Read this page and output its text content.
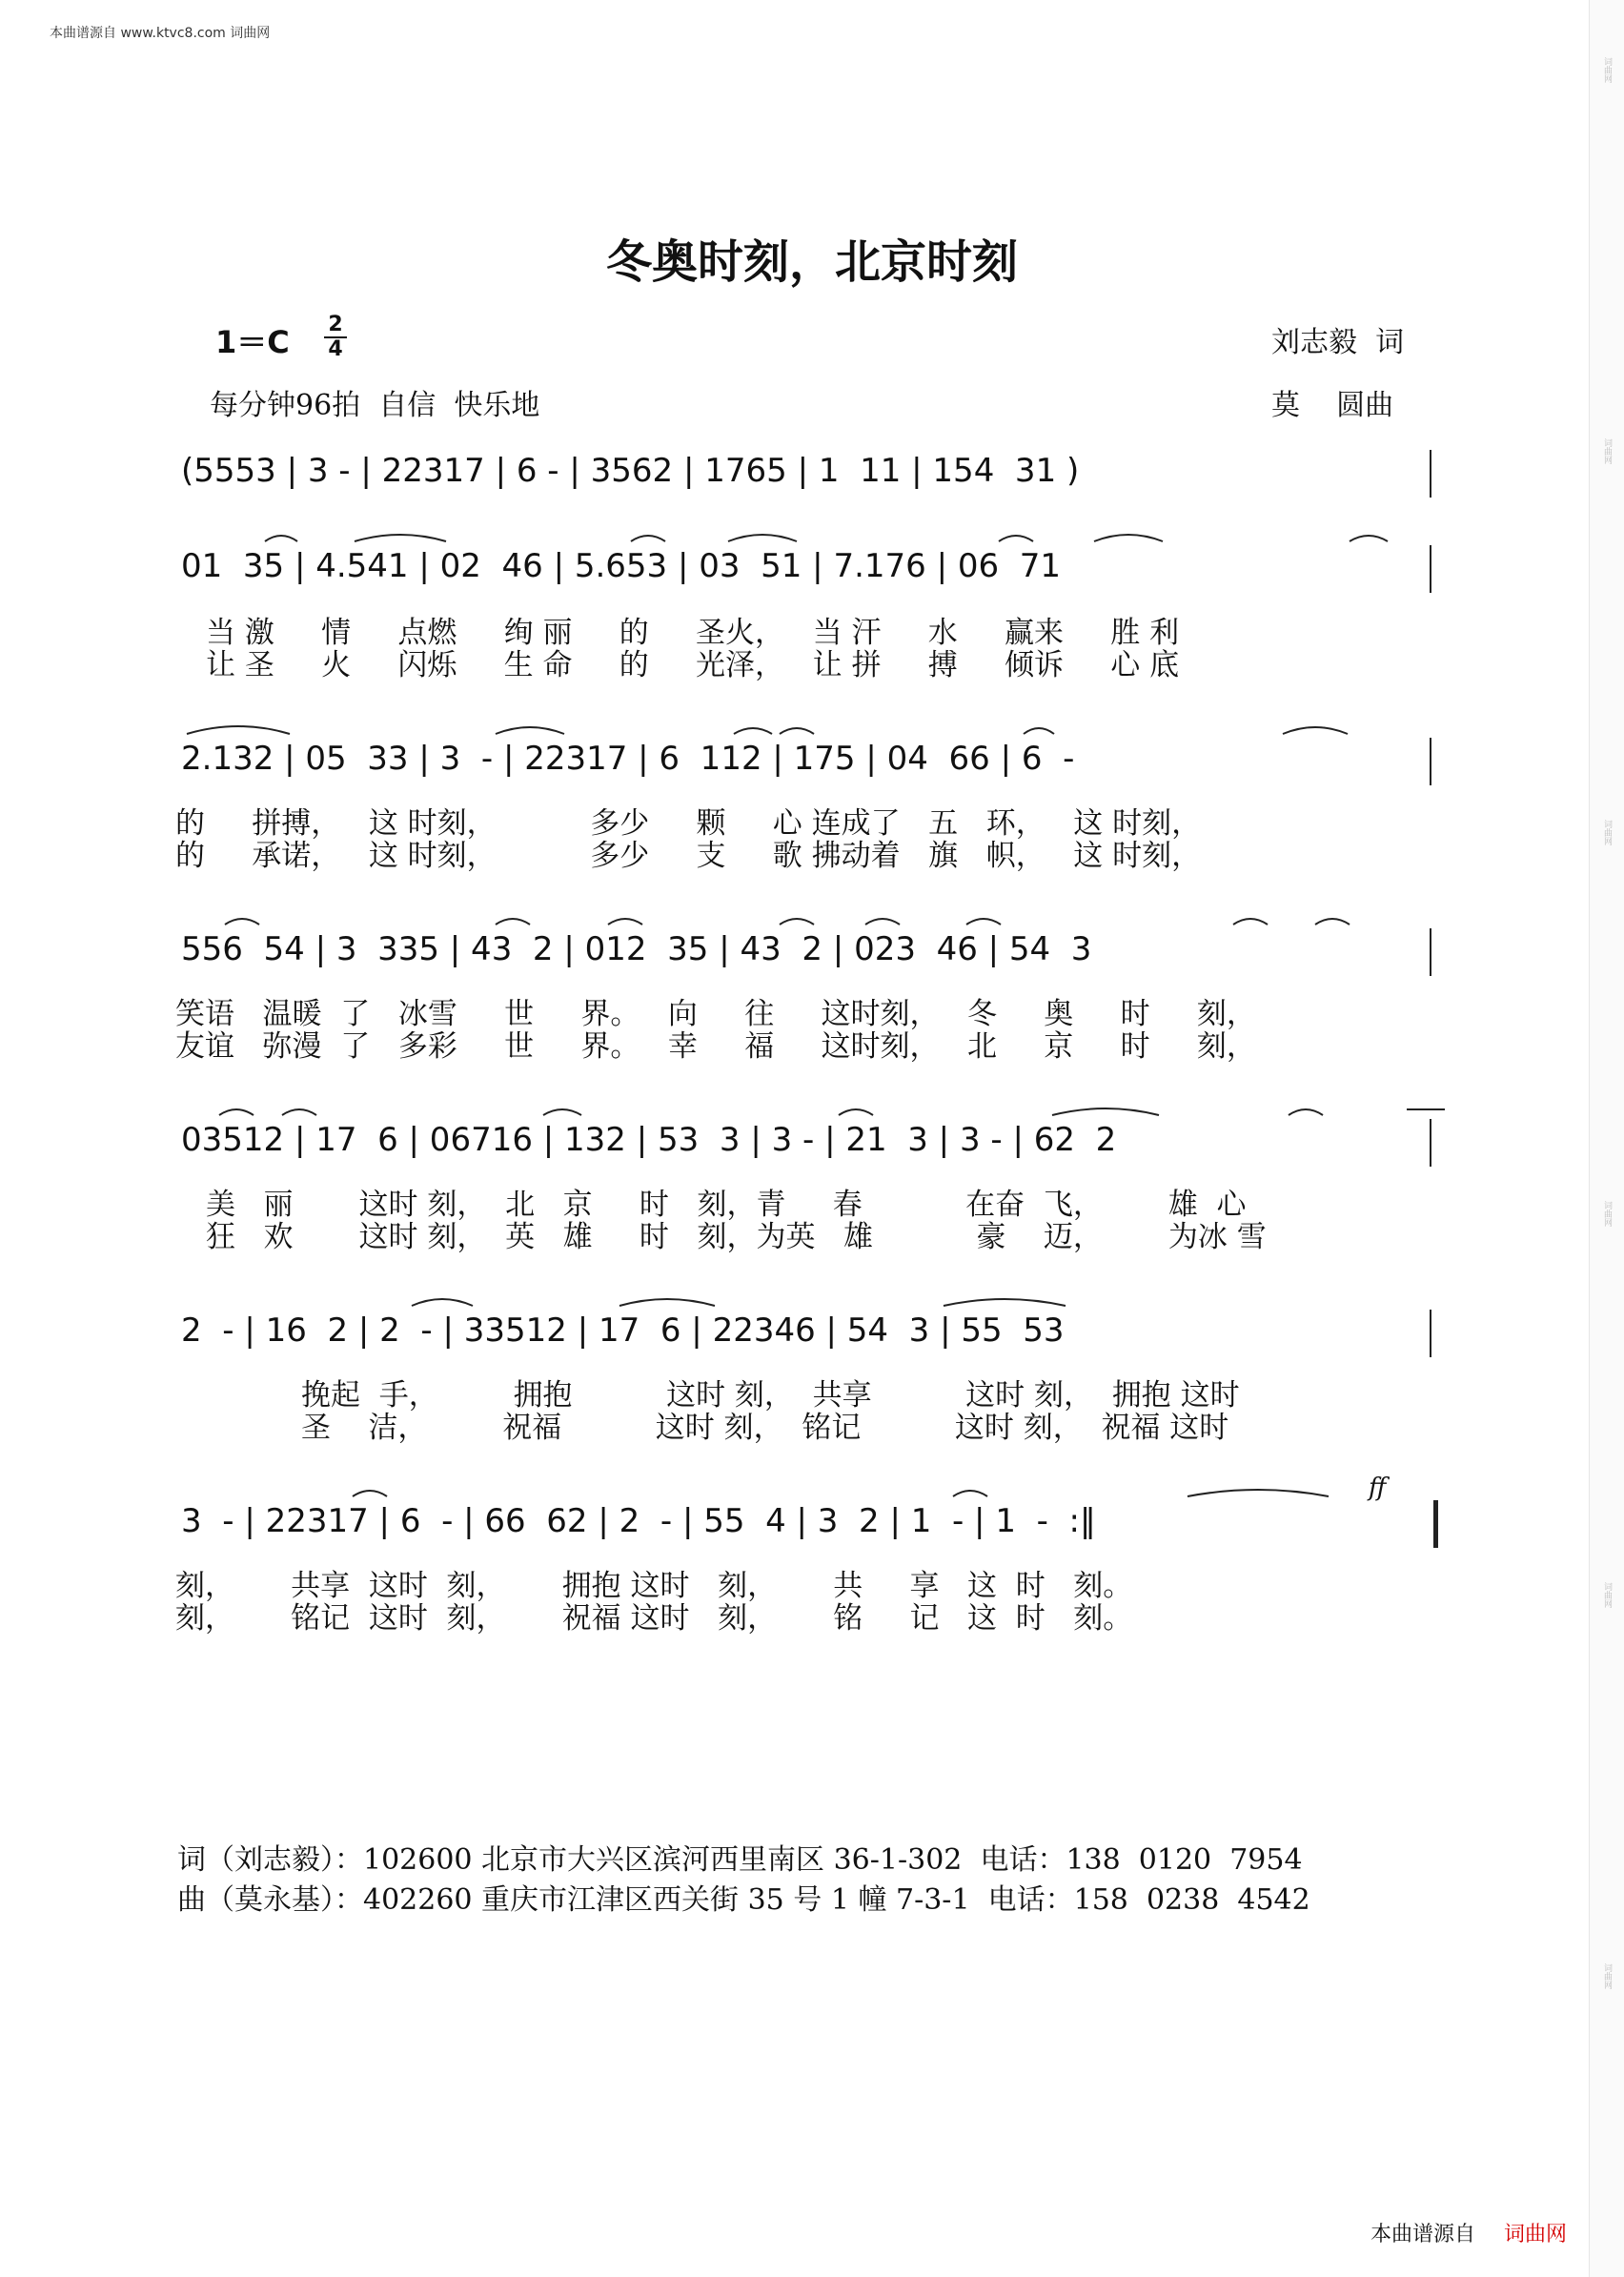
本曲谱源自 www.ktvc8.com 词曲网
词曲网
词曲网
词曲网
词曲网
词曲网
词曲网
冬奥时刻，北京时刻
1＝C 2
4
每分钟96拍  自信  快乐地
刘志毅  词
莫    圆曲
(5553 | 3 - | 22317 | 6 - | 3562 | 1765 | 1  11 | 154  31 )
01  35 | 4.541 | 02  46 | 5.653 | 03  51 | 7.176 | 06  71
当 激     情     点燃     绚 丽     的     圣火，   当 汗     水     赢来     胜 利
让 圣     火     闪烁     生 命     的     光泽，   让 拼     搏     倾诉     心 底
2.132 | 05  33 | 3  - | 22317 | 6  112 | 175 | 04  66 | 6  -
的     拼搏，   这 时刻，          多少     颗     心 连成了   五   环，   这 时刻，
的     承诺，   这 时刻，          多少     支     歌 拂动着   旗   帜，   这 时刻，
556  54 | 3  335 | 43  2 | 012  35 | 43  2 | 023  46 | 54  3
笑语   温暖  了   冰雪     世     界。   向     往     这时刻，   冬     奥     时     刻，
友谊   弥漫  了   多彩     世     界。   幸     福     这时刻，   北     京     时     刻，
03512 | 17  6 | 06716 | 132 | 53  3 | 3 - | 21  3 | 3 - | 62  2
美   丽       这时 刻，  北   京     时   刻，青     春           在奋  飞，       雄  心
狂   欢       这时 刻，  英   雄     时   刻，为英   雄           豪    迈，       为冰 雪
2  - | 16  2 | 2  - | 33512 | 17  6 | 22346 | 54  3 | 55  53
挽起  手，        拥抱          这时 刻，  共享          这时 刻，  拥抱 这时
圣    洁，        祝福          这时 刻，  铭记          这时 刻，  祝福 这时
ff
3  - | 22317 | 6  - | 66  62 | 2  - | 55  4 | 3  2 | 1  - | 1  -  :‖
刻，      共享  这时  刻，      拥抱 这时   刻，      共     享   这  时   刻。
刻，      铭记  这时  刻，      祝福 这时   刻，      铭     记   这  时   刻。
词（刘志毅）：102600 北京市大兴区滨河西里南区 36-1-302  电话：138  0120  7954
曲（莫永基）：402260 重庆市江津区西关街 35 号 1 幢 7-3-1  电话：158  0238  4542
本曲谱源自 词曲网
